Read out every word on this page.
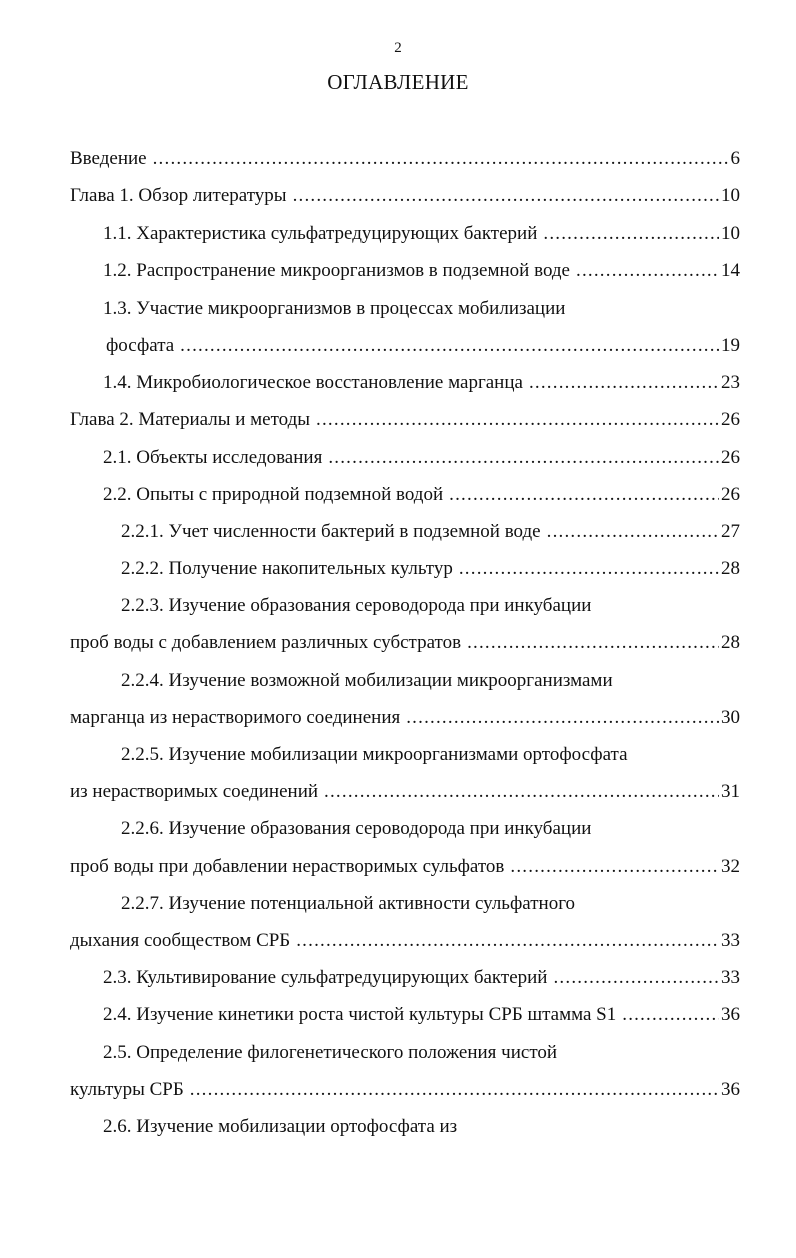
2
ОГЛАВЛЕНИЕ
Введение .....	6
Глава 1. Обзор литературы .....	10
1.1. Характеристика сульфатредуцирующих бактерий .....	10
1.2. Распространение микроорганизмов в подземной воде .....	14
1.3. Участие микроорганизмов в процессах мобилизации
фосфата .....	19
1.4. Микробиологическое восстановление марганца .....	23
Глава 2. Материалы и методы .....	26
2.1. Объекты исследования .....	26
2.2. Опыты с природной подземной водой .....	26
2.2.1. Учет численности бактерий в подземной воде .....	27
2.2.2. Получение накопительных культур .....	28
2.2.3. Изучение образования сероводорода при инкубации
проб воды с добавлением различных субстратов .....	28
2.2.4. Изучение возможной мобилизации микроорганизмами
марганца из нерастворимого соединения .....	30
2.2.5. Изучение мобилизации микроорганизмами ортофосфата
из нерастворимых соединений .....	31
2.2.6. Изучение образования сероводорода при инкубации
проб воды при добавлении нерастворимых сульфатов .....	32
2.2.7. Изучение потенциальной активности сульфатного
дыхания сообществом СРБ .....	33
2.3. Культивирование сульфатредуцирующих бактерий .....	33
2.4. Изучение кинетики роста чистой культуры СРБ штамма S1 .....	36
2.5. Определение филогенетического положения чистой
культуры СРБ .....	36
2.6. Изучение мобилизации ортофосфата из
